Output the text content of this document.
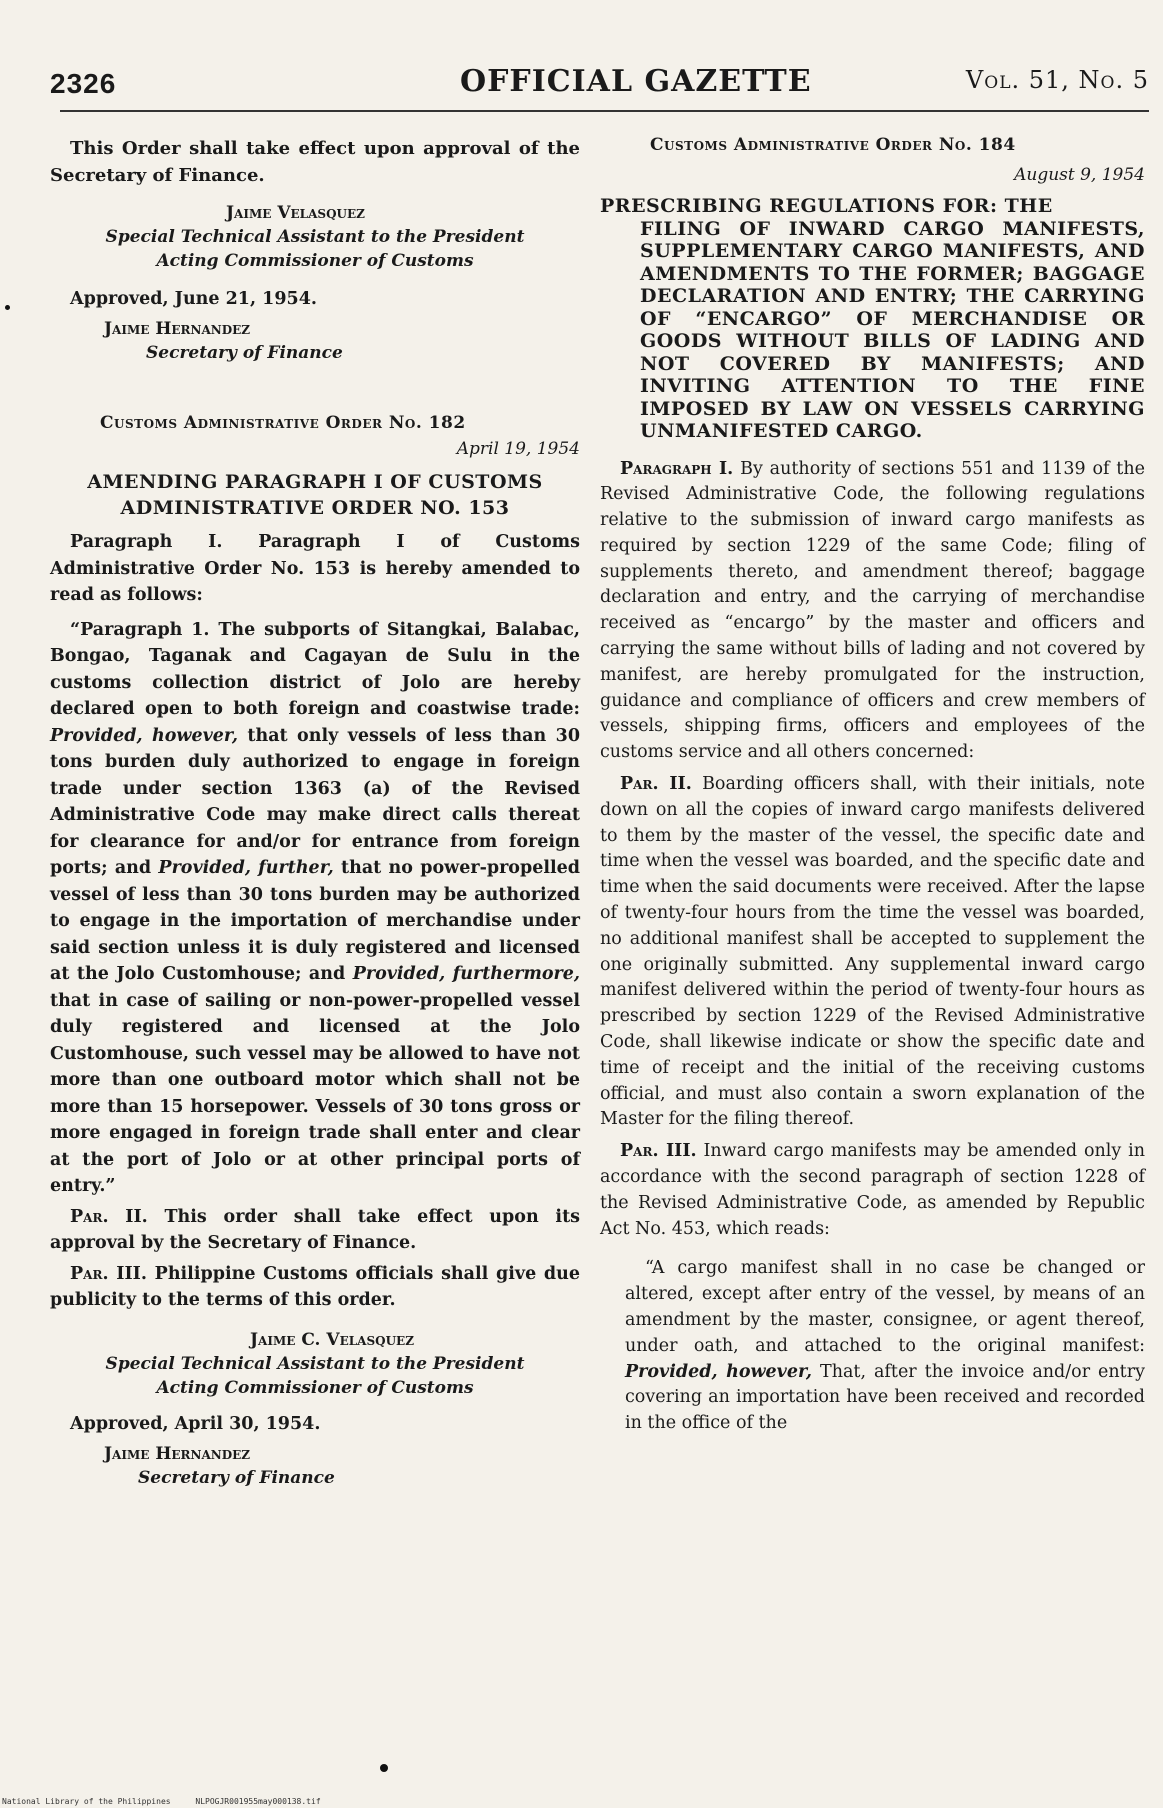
2326	OFFICIAL GAZETTE	Vol. 51, No. 5

This Order shall take effect upon approval of the Secretary of Finance.

Jaime Velasquez
Special Technical Assistant to the President
Acting Commissioner of Customs

Approved, June 21, 1954.

Jaime Hernandez
Secretary of Finance

Customs Administrative Order No. 182

April 19, 1954

AMENDING PARAGRAPH I OF CUSTOMS ADMINISTRATIVE ORDER NO. 153

Paragraph I. Paragraph I of Customs Administrative Order No. 153 is hereby amended to read as follows:

“Paragraph 1. The subports of Sitangkai, Balabac, Bongao, Taganak and Cagayan de Sulu in the customs collection district of Jolo are hereby declared open to both foreign and coastwise trade: Provided, however, that only vessels of less than 30 tons burden duly authorized to engage in foreign trade under section 1363 (a) of the Revised Administrative Code may make direct calls thereat for clearance for and/or for entrance from foreign ports; and Provided, further, that no power-propelled vessel of less than 30 tons burden may be authorized to engage in the importation of merchandise under said section unless it is duly registered and licensed at the Jolo Customhouse; and Provided, furthermore, that in case of sailing or non-power-propelled vessel duly registered and licensed at the Jolo Customhouse, such vessel may be allowed to have not more than one outboard motor which shall not be more than 15 horsepower. Vessels of 30 tons gross or more engaged in foreign trade shall enter and clear at the port of Jolo or at other principal ports of entry.”

Par. II. This order shall take effect upon its approval by the Secretary of Finance.

Par. III. Philippine Customs officials shall give due publicity to the terms of this order.

Jaime C. Velasquez
Special Technical Assistant to the President
Acting Commissioner of Customs

Approved, April 30, 1954.

Jaime Hernandez
Secretary of Finance

Customs Administrative Order No. 184

August 9, 1954

PRESCRIBING REGULATIONS FOR: THE
FILING OF INWARD CARGO MANIFESTS, SUPPLEMENTARY CARGO MANIFESTS, AND AMENDMENTS TO THE FORMER; BAGGAGE DECLARATION AND ENTRY; THE CARRYING OF “ENCARGO” OF MERCHANDISE OR GOODS WITHOUT BILLS OF LADING AND NOT COVERED BY MANIFESTS; AND INVITING ATTENTION TO THE FINE IMPOSED BY LAW ON VESSELS CARRYING UNMANIFESTED CARGO.

Paragraph I. By authority of sections 551 and 1139 of the Revised Administrative Code, the following regulations relative to the submission of inward cargo manifests as required by section 1229 of the same Code; filing of supplements thereto, and amendment thereof; baggage declaration and entry, and the carrying of merchandise received as “encargo” by the master and officers and carrying the same without bills of lading and not covered by manifest, are hereby promulgated for the instruction, guidance and compliance of officers and crew members of vessels, shipping firms, officers and employees of the customs service and all others concerned:

Par. II. Boarding officers shall, with their initials, note down on all the copies of inward cargo manifests delivered to them by the master of the vessel, the specific date and time when the vessel was boarded, and the specific date and time when the said documents were received. After the lapse of twenty-four hours from the time the vessel was boarded, no additional manifest shall be accepted to supplement the one originally submitted. Any supplemental inward cargo manifest delivered within the period of twenty-four hours as prescribed by section 1229 of the Revised Administrative Code, shall likewise indicate or show the specific date and time of receipt and the initial of the receiving customs official, and must also contain a sworn explanation of the Master for the filing thereof.

Par. III. Inward cargo manifests may be amended only in accordance with the second paragraph of section 1228 of the Revised Administrative Code, as amended by Republic Act No. 453, which reads:

“A cargo manifest shall in no case be changed or altered, except after entry of the vessel, by means of an amendment by the master, consignee, or agent thereof, under oath, and attached to the original manifest: Provided, however, That, after the invoice and/or entry covering an importation have been received and recorded in the office of the

National Library of the Philippines	NLPOGJR001955may000138.tif
